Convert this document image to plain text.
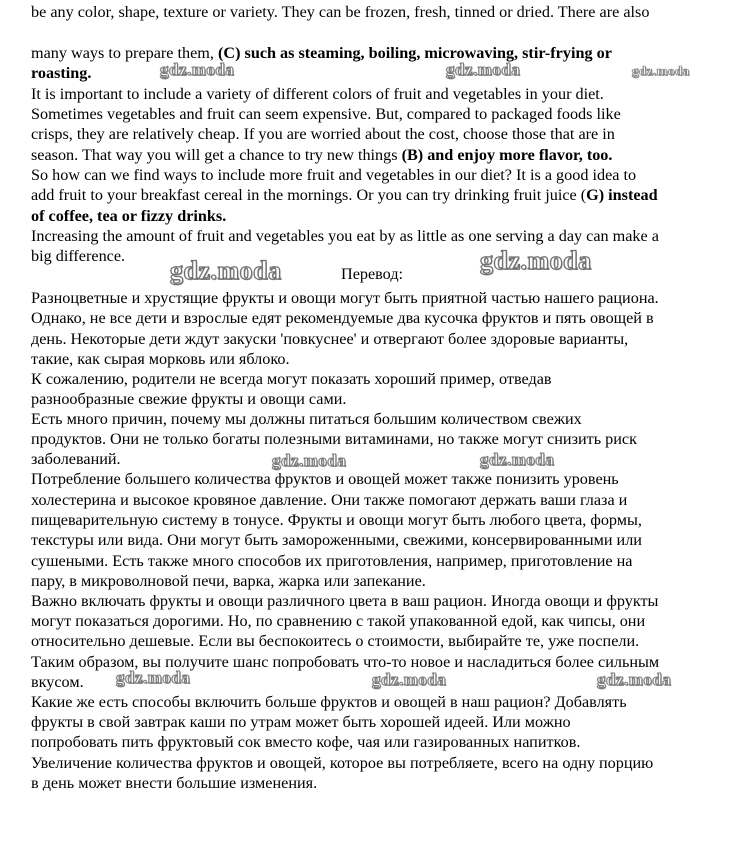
be any color, shape, texture or variety. They can be frozen, fresh, tinned or dried. There are also
many ways to prepare them, (C) such as steaming, boiling, microwaving, stir-frying or
roasting.
It is important to include a variety of different colors of fruit and vegetables in your diet.
Sometimes vegetables and fruit can seem expensive. But, compared to packaged foods like
crisps, they are relatively cheap. If you are worried about the cost, choose those that are in
season. That way you will get a chance to try new things (B) and enjoy more flavor, too.
So how can we find ways to include more fruit and vegetables in our diet? It is a good idea to
add fruit to your breakfast cereal in the mornings. Or you can try drinking fruit juice (G) instead
of coffee, tea or fizzy drinks.
Increasing the amount of fruit and vegetables you eat by as little as one serving a day can make a
big difference.
Перевод:
Разноцветные и хрустящие фрукты и овощи могут быть приятной частью нашего рациона.
Однако, не все дети и взрослые едят рекомендуемые два кусочка фруктов и пять овощей в
день. Некоторые дети ждут закуски 'повкуснее' и отвергают более здоровые варианты,
такие, как сырая морковь или яблоко.
К сожалению, родители не всегда могут показать хороший пример, отведав
разнообразные свежие фрукты и овощи сами.
Есть много причин, почему мы должны питаться большим количеством свежих
продуктов. Они не только богаты полезными витаминами, но также могут снизить риск
заболеваний.
Потребление большего количества фруктов и овощей может также понизить уровень
холестерина и высокое кровяное давление. Они также помогают держать ваши глаза и
пищеварительную систему в тонусе. Фрукты и овощи могут быть любого цвета, формы,
текстуры или вида. Они могут быть замороженными, свежими, консервированными или
сушеными. Есть также много способов их приготовления, например, приготовление на
пару, в микроволновой печи, варка, жарка или запекание.
Важно включать фрукты и овощи различного цвета в ваш рацион. Иногда овощи и фрукты
могут показаться дорогими. Но, по сравнению с такой упакованной едой, как чипсы, они
относительно дешевые. Если вы беспокоитесь о стоимости, выбирайте те, уже поспели.
Таким образом, вы получите шанс попробовать что-то новое и насладиться более сильным
вкусом.
Какие же есть способы включить больше фруктов и овощей в наш рацион? Добавлять
фрукты в свой завтрак каши по утрам может быть хорошей идеей. Или можно
попробовать пить фруктовый сок вместо кофе, чая или газированных напитков.
Увеличение количества фруктов и овощей, которое вы потребляете, всего на одну порцию
в день может внести большие изменения.
gdz.moda	gdz.moda	gdz.moda
gdz.moda	gdz.moda
gdz.moda	gdz.moda
gdz.moda	gdz.moda	gdz.moda
